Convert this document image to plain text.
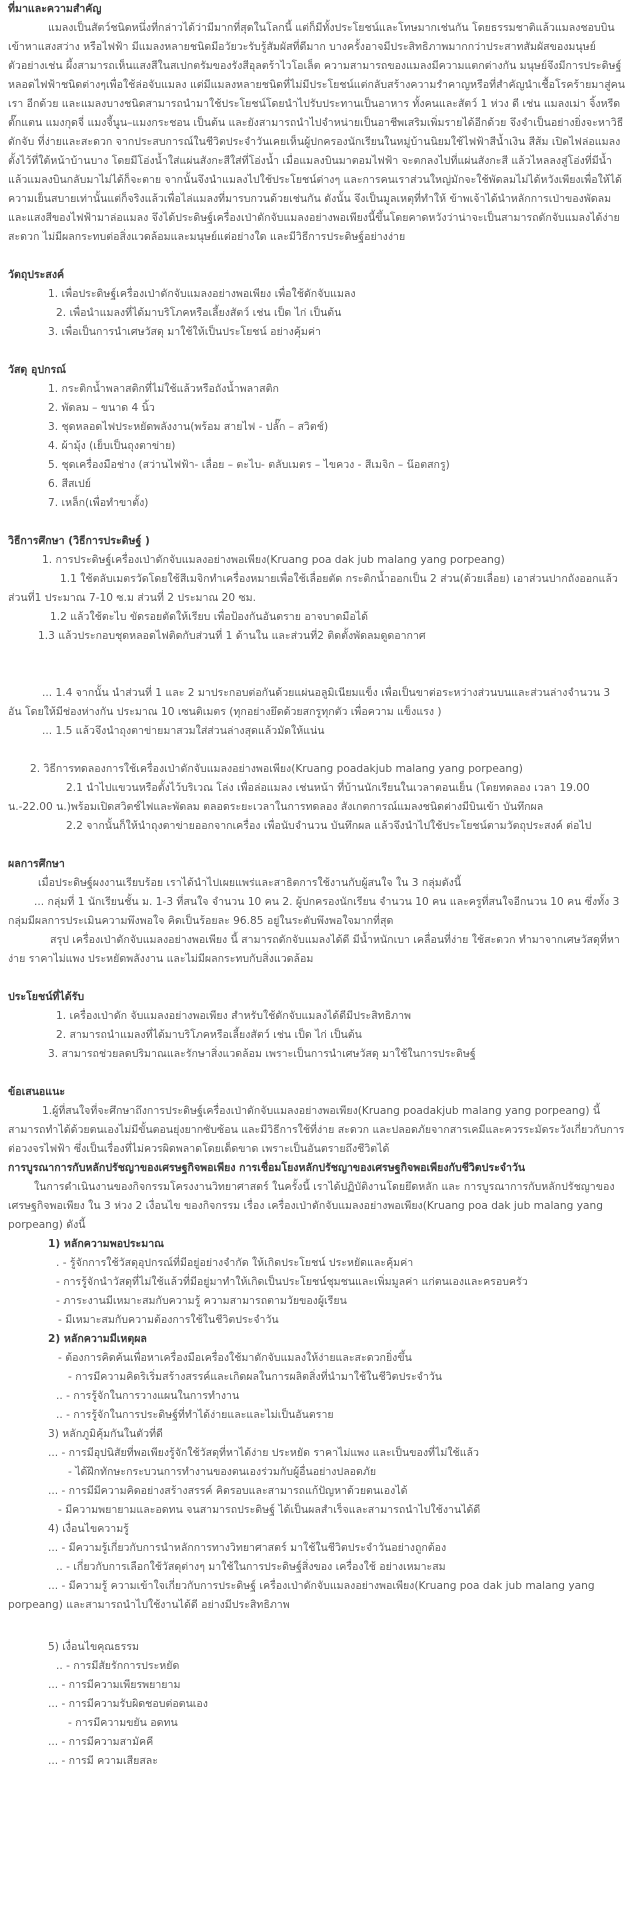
ที่มาและความสำคัญ

แมลงเป็นสัตว์ชนิดหนึ่งที่กล่าวได้ว่ามีมากที่สุดในโลกนี้ แต่ก็มีทั้งประโยชน์และโทษมากเช่นกัน โดยธรรมชาติแล้วแมลงชอบบินเข้าหาแสงสว่าง หรือไฟฟ้า มีแมลงหลายชนิดมีอวัยวะรับรู้สัมผัสที่ดีมาก บางครั้งอาจมีประสิทธิภาพมากกว่าประสาทสัมผัสของมนุษย์ ตัวอย่างเช่น ผึ้งสามารถเห็นแสงสีในสเปกตรัมของรังสีอุลตร้าไวโอเล็ต ความสามารถของแมลงมีความแตกต่างกัน มนุษย์จึงมีการประดิษฐ์หลอดไฟฟ้าชนิดต่างๆเพื่อใช้ล่อจับแมลง แต่มีแมลงหลายชนิดที่ไม่มีประโยชน์แต่กลับสร้างความรำคาญหรือที่สำคัญนำเชื้อโรคร้ายมาสู่คนเรา อีกด้วย และแมลงบางชนิดสามารถนำมาใช้ประโยชน์โดยนำไปรับประทานเป็นอาหาร ทั้งคนและสัตว์ 1 ห่วง ดี เช่น แมลงเม่า จิ้งหรีด ตั๊กแตน แมงกุดจี่ แมงจี้นูน–แมงกระชอน เป็นต้น และยังสามารถนำไปจำหน่ายเป็นอาชีพเสริมเพิ่มรายได้อีกด้วย จึงจำเป็นอย่างยิ่งจะหาวิธีดักจับ ที่ง่ายและสะดวก จากประสบการณ์ในชีวิตประจำวันเคยเห็นผู้ปกครองนักเรียนในหมู่บ้านนิยมใช้ไฟฟ้าสีน้ำเงิน สีส้ม เปิดไฟล่อแมลง ตั้งไว้ที่ใต้หน้าบ้านบาง โดยมีโอ่งน้ำใส่แผ่นสังกะสีใส่ที่โอ่งน้ำ เมื่อแมลงบินมาตอมไฟฟ้า จะตกลงไปที่แผ่นสังกะสี แล้วไหลลงสู่โอ่งที่มีน้ำแล้วแมลงบินกลับมาไม่ได้ก็จะตาย จากนั้นจึงนำแมลงไปใช้ประโยชน์ต่างๆ และการคนเราส่วนใหญ่มักจะใช้พัดลมไม่ได้หวังเพียงเพื่อให้ได้ความเย็นสบายเท่านั้นแต่ก็จริงแล้วเพื่อไล่แมลงที่มารบกวนด้วยเช่นกัน ดังนั้น จึงเป็นมูลเหตุที่ทำให้ ข้าพเจ้าได้นำหลักการเป่าของพัดลมและแสงสีของไฟฟ้ามาล่อแมลง จึงได้ประดิษฐ์เครื่องเป่าดักจับแมลงอย่างพอเพียงนี้ขึ้นโดยคาดหวังว่าน่าจะเป็นสามารถดักจับแมลงได้ง่าย สะดวก ไม่มีผลกระทบต่อสิ่งแวดล้อมและมนุษย์แต่อย่างใด และมีวิธีการประดิษฐ์อย่างง่าย

วัตถุประสงค์

1. เพื่อประดิษฐ์เครื่องเป่าดักจับแมลงอย่างพอเพียง เพื่อใช้ดักจับแมลง

2. เพื่อนำแมลงที่ได้มาบริโภคหรือเลี้ยงสัตว์ เช่น เป็ด ไก่ เป็นต้น

3. เพื่อเป็นการนำเศษวัสดุ มาใช้ให้เป็นประโยชน์ อย่างคุ้มค่า

วัสดุ อุปกรณ์

1. กระติกน้ำพลาสติกที่ไม่ใช้แล้วหรือถังน้ำพลาสติก

2. พัดลม – ขนาด 4 นิ้ว

3. ชุดหลอดไฟประหยัดพลังงาน(พร้อม สายไฟ - ปลั๊ก – สวิตช์)

4. ผ้ามุ้ง (เย็บเป็นถุงตาข่าย)

5. ชุดเครื่องมือช่าง (สว่านไฟฟ้า- เลื่อย – ตะไบ- ตลับเมตร – ไขควง - สีเมจิก – น๊อตสกรู)

6. สีสเปย์

7. เหล็ก(เพื่อทำขาตั้ง)

วิธีการศึกษา (วิธีการประดิษฐ์ )

1. การประดิษฐ์เครื่องเป่าดักจับแมลงอย่างพอเพียง(Kruang poa dak jub malang yang porpeang)

1.1 ใช้ตลับเมตรวัดโดยใช้สีเมจิกทำเครื่องหมายเพื่อใช้เลื่อยตัด กระติกน้ำออกเป็น 2 ส่วน(ด้วยเลื่อย) เอาส่วนปากถังออกแล้ว ส่วนที่1 ประมาณ 7-10 ซ.ม ส่วนที่ 2 ประมาณ 20 ซม.

1.2 แล้วใช้ตะไบ ขัดรอยตัดให้เรียบ เพื่อป้องกันอันตราย อาจบาดมือได้

1.3 แล้วประกอบชุดหลอดไฟติดกับส่วนที่ 1 ด้านใน และส่วนที่2 ติดตั้งพัดลมดูดอากาศ

... 1.4 จากนั้น นำส่วนที่ 1 และ 2 มาประกอบต่อกันด้วยแผ่นอลูมิเนียมแข็ง เพื่อเป็นขาต่อระหว่างส่วนบนและส่วนล่างจำนวน 3 อัน โดยให้มีช่องห่างกัน ประมาณ 10 เซนติเมตร (ทุกอย่างยึดด้วยสกรูทุกตัว เพื่อความ แข็งแรง )

... 1.5 แล้วจึงนำถุงตาข่ายมาสวมใส่ส่วนล่างสุดแล้วมัดให้แน่น

2. วิธีการทดลองการใช้เครื่องเป่าดักจับแมลงอย่างพอเพียง(Kruang poadakjub malang yang porpeang)

2.1 นำไปแขวนหรือตั้งไว้บริเวณ โล่ง เพื่อล่อแมลง เช่นหน้า ที่บ้านนักเรียนในเวลาตอนเย็น (โดยทดลอง เวลา 19.00 น.-22.00 น.)พร้อมเปิดสวิตช์ไฟและพัดลม ตลอดระยะเวลาในการทดลอง สังเกตการณ์แมลงชนิดต่างมีบินเข้า บันทึกผล

2.2 จากนั้นก็ให้นำถุงตาข่ายออกจากเครื่อง เพื่อนับจำนวน บันทึกผล แล้วจึงนำไปใช้ประโยชน์ตามวัตถุประสงค์ ต่อไป

ผลการศึกษา

เมื่อประดิษฐ์ผงงานเรียบร้อย เราได้นำไปเผยแพร่และสาธิตการใช้งานกับผู้สนใจ ใน 3 กลุ่มดังนี้

... กลุ่มที่ 1 นักเรียนชั้น ม. 1-3 ที่สนใจ จำนวน 10 คน 2. ผู้ปกครองนักเรียน จำนวน 10 คน และครูที่สนใจอีกนวน 10 คน ซึ่งทั้ง 3 กลุ่มมีผลการประเมินความพึงพอใจ คิดเป็นร้อยละ 96.85 อยู่ในระดับพึงพอใจมากที่สุด

สรุป เครื่องเป่าดักจับแมลงอย่างพอเพียง นี้ สามารถดักจับแมลงได้ดี มีน้ำหนักเบา เคลื่อนที่ง่าย ใช้สะดวก ทำมาจากเศษวัสดุที่หาง่าย ราคาไม่แพง ประหยัดพลังงาน และไม่มีผลกระทบกับสิ่งแวดล้อม

ประโยชน์ที่ได้รับ

1. เครื่องเป่าดัก จับแมลงอย่างพอเพียง สำหรับใช้ดักจับแมลงได้ดีมีประสิทธิภาพ

2. สามารถนำแมลงที่ได้มาบริโภคหรือเลี้ยงสัตว์ เช่น เป็ด ไก่ เป็นต้น

3. สามารถช่วยลดปริมาณและรักษาสิ่งแวดล้อม เพราะเป็นการนำเศษวัสดุ มาใช้ในการประดิษฐ์

ข้อเสนอแนะ

1.ผู้ที่สนใจที่จะศึกษาถึงการประดิษฐ์เครื่องเป่าดักจับแมลงอย่างพอเพียง(Kruang poadakjub malang yang porpeang) นี้ สามารถทำได้ด้วยตนเองไม่มีขั้นตอนยุ่งยากซับซ้อน และมีวิธีการใช้ที่ง่าย สะดวก และปลอดภัยจากสารเคมีและควรระมัดระวังเกี่ยวกับการต่อวงจรไฟฟ้า ซึ่งเป็นเรื่องที่ไม่ควรผิดพลาดโดยเด็ดขาด เพราะเป็นอันตรายถึงชีวิตได้

การบูรณาการกับหลักปรัชญาของเศรษฐกิจพอเพียง การเชื่อมโยงหลักปรัชญาของเศรษฐกิจพอเพียงกับชีวิตประจำวัน

ในการดำเนินงานของกิจกรรมโครงงานวิทยาศาสตร์ ในครั้งนี้ เราได้ปฏิบัติงานโดยยึดหลัก และ การบูรณาการกับหลักปรัชญาของเศรษฐกิจพอเพียง ใน 3 ห่วง 2 เงื่อนไข ของกิจกรรม เรื่อง เครื่องเป่าดักจับแมลงอย่างพอเพียง(Kruang poa dak jub malang yang porpeang) ดังนี้

1) หลักความพอประมาณ

. - รู้จักการใช้วัสดุอุปกรณ์ที่มีอยู่อย่างจำกัด ให้เกิดประโยชน์ ประหยัดและคุ้มค่า

- การรู้จักนำวัสดุที่ไม่ใช้แล้วที่มีอยู่มาทำให้เกิดเป็นประโยชน์ชุมชนและเพิ่มมูลค่า แก่ตนเองและครอบครัว

- ภาระงานมีเหมาะสมกับความรู้ ความสามารถตามวัยของผู้เรียน

- มีเหมาะสมกับความต้องการใช้ในชีวิตประจำวัน

2) หลักความมีเหตุผล

- ต้องการคิดค้นเพื่อหาเครื่องมือเครื่องใช้มาดักจับแมลงให้ง่ายและสะดวกยิ่งขึ้น

- การมีความคิดริเริ่มสร้างสรรค์และเกิดผลในการผลิตสิ่งที่นำมาใช้ในชีวิตประจำวัน

.. - การรู้จักในการวางแผนในการทำงาน

.. - การรู้จักในการประดิษฐ์ที่ทำได้ง่ายและและไม่เป็นอันตราย

3) หลักภูมิคุ้มกันในตัวที่ดี

... - การมีอุปนิสัยที่พอเพียงรู้จักใช้วัสดุที่หาได้ง่าย ประหยัด ราคาไม่แพง และเป็นของที่ไม่ใช้แล้ว

- ได้ฝึกทักษะกระบวนการทำงานของตนเองร่วมกับผู้อื่นอย่างปลอดภัย

... - การมีมีความคิดอย่างสร้างสรรค์ คิดรอบและสามารถแก้ปัญหาด้วยตนเองได้

- มีความพยายามและอดทน จนสามารถประดิษฐ์ ได้เป็นผลสำเร็จและสามารถนำไปใช้งานได้ดี

4) เงื่อนไขความรู้

... - มีความรู้เกี่ยวกับการนำหลักการทางวิทยาศาสตร์ มาใช้ในชีวิตประจำวันอย่างถูกต้อง

.. - เกี่ยวกับการเลือกใช้วัสดุต่างๆ มาใช้ในการประดิษฐ์สิ่งของ เครื่องใช้ อย่างเหมาะสม

... - มีความรู้ ความเข้าใจเกี่ยวกับการประดิษฐ์ เครื่องเป่าดักจับแมลงอย่างพอเพียง(Kruang poa dak jub malang yang porpeang) และสามารถนำไปใช้งานได้ดี อย่างมีประสิทธิภาพ

5) เงื่อนไขคุณธรรม

.. - การมีสัยรักการประหยัด

... - การมีความเพียรพยายาม

... - การมีความรับผิดชอบต่อตนเอง

- การมีความขยัน อดทน

... - การมีความสามัคคี

... - การมี ความเสียสละ
